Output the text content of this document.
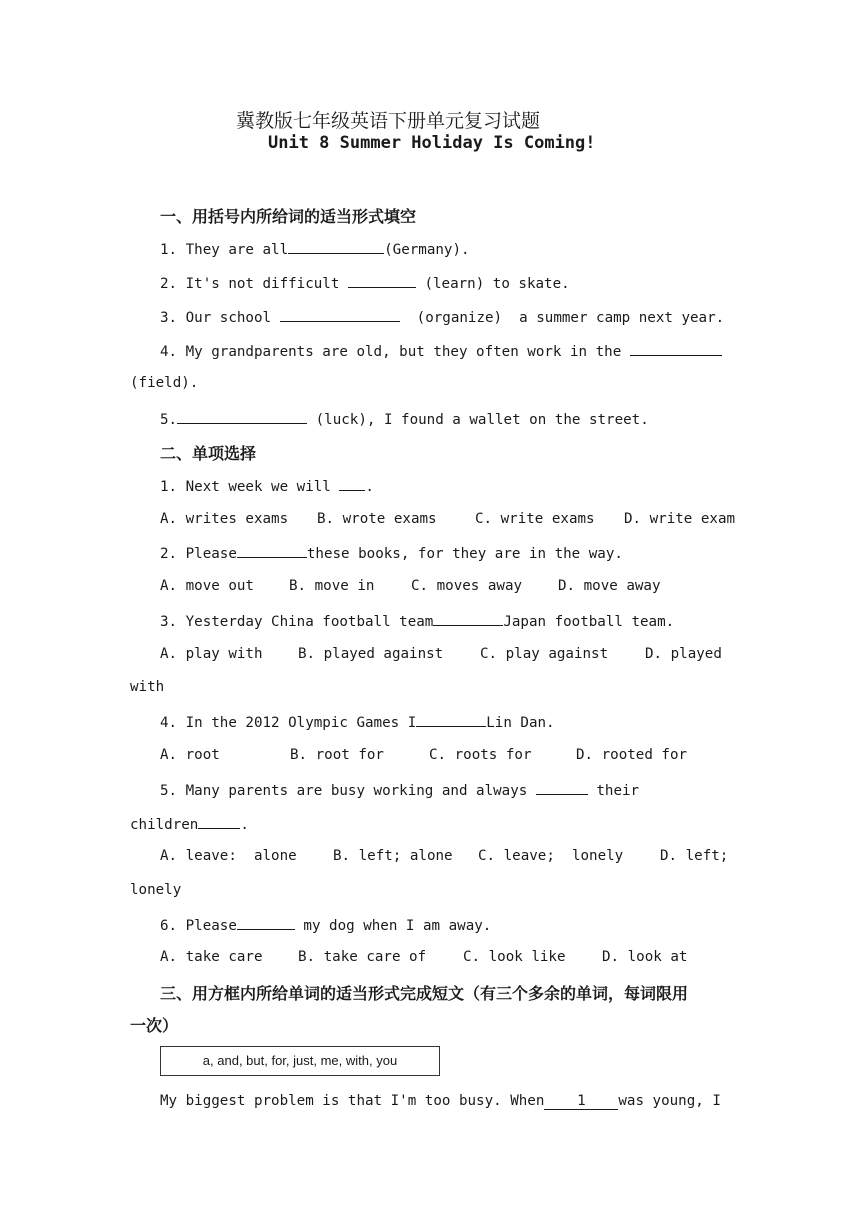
冀教版七年级英语下册单元复习试题
Unit 8 Summer Holiday Is Coming!
一、用括号内所给词的适当形式填空
1. They are all	(Germany).
2. It's not difficult	(learn) to skate.
3. Our school	(organize)  a summer camp next year.
4. My grandparents are old, but they often work in the
(field).
5.	(luck), I found a wallet on the street.
二、单项选择
1. Next week we will .
A. writes exams B. wrote exams	C. write exams D. write exam
2. Please	these books, for they are in the way.
A. move out B. move in	C. moves away	D. move away
3. Yesterday China football team	Japan football team.
A. play with	B. played against	C. play against	D. played
with
4. In the 2012 Olympic Games I	Lin Dan.
A. root	B. root for	C. roots for	D. rooted for
5. Many parents are busy working and always	their
children	.
A. leave:  alone	B. left; alone C. leave;  lonely	D. left;
lonely
6. Please	my dog when I am away.
A. take care	B. take care of	C. look like	D. look at
三、用方框内所给单词的适当形式完成短文（有三个多余的单词，每词限用
一次）
a, and, but, for, just, me, with, you
My biggest problem is that I'm too busy. When 1 was young, I
